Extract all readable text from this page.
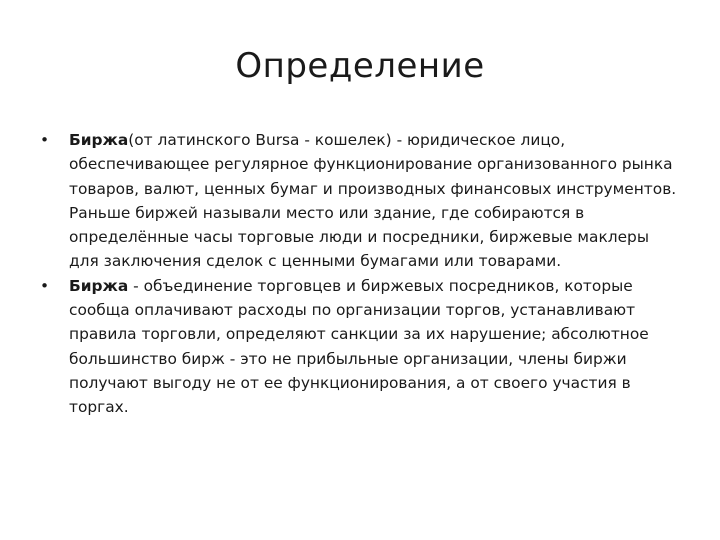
Определение
• Биржа(от латинского Bursa - кошелек) - юридическое лицо, обеспечивающее регулярное функционирование организованного рынка товаров, валют, ценных бумаг и производных финансовых инструментов. Раньше биржей называли место или здание, где собираются в определённые часы торговые люди и посредники, биржевые маклеры для заключения сделок с ценными бумагами или товарами.
• Биржа - объединение торговцев и биржевых посредников, которые сообща оплачивают расходы по организации торгов, устанавливают правила торговли, определяют санкции за их нарушение; абсолютное большинство бирж - это не прибыльные организации, члены биржи получают выгоду не от ее функционирования, а от своего участия в торгах.
